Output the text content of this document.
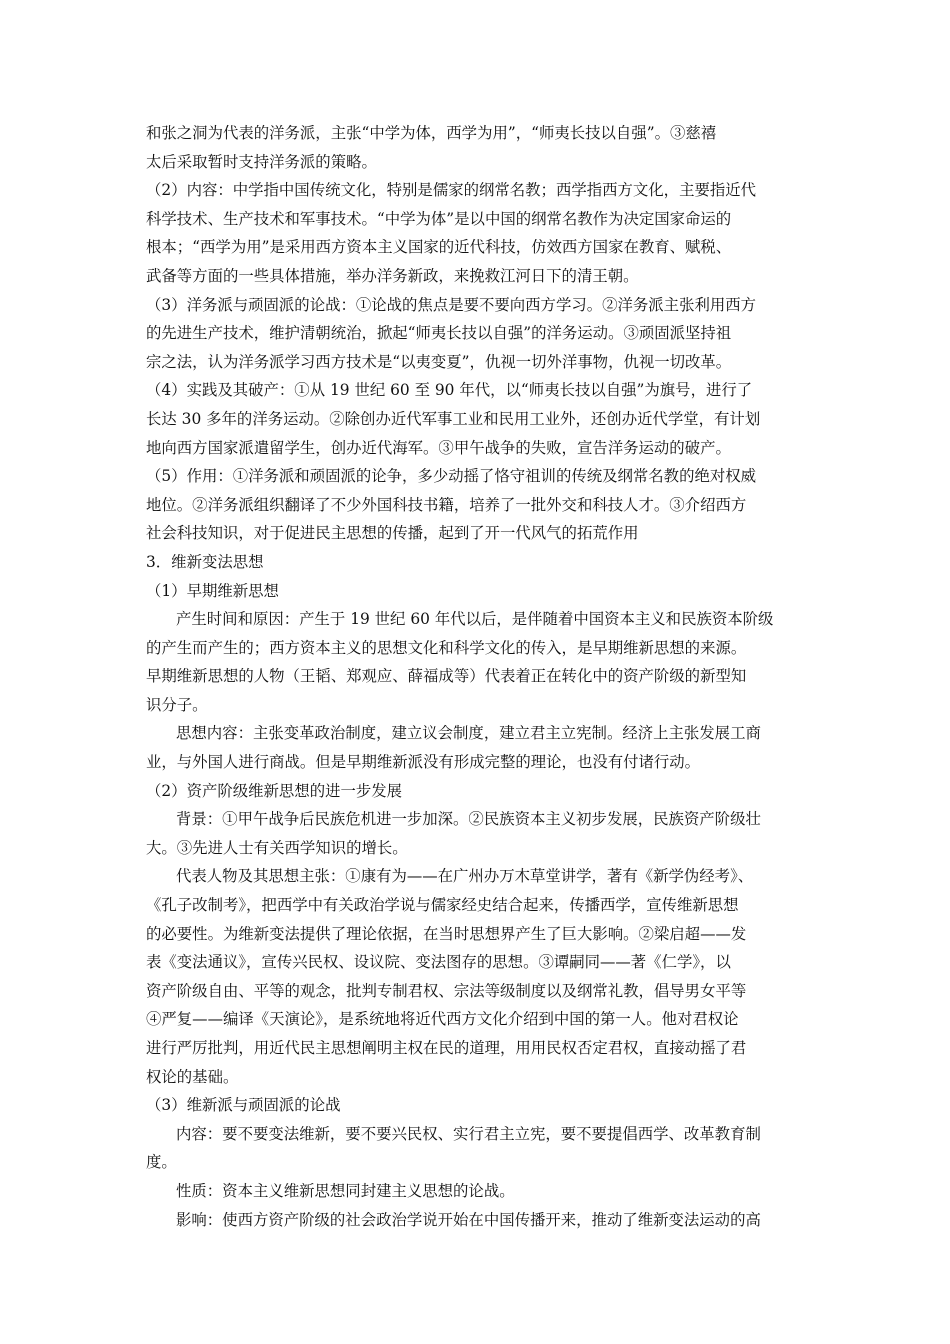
和张之洞为代表的洋务派，主张“中学为体，西学为用”，“师夷长技以自强”。③慈禧
太后采取暂时支持洋务派的策略。
（2）内容：中学指中国传统文化，特别是儒家的纲常名教；西学指西方文化，主要指近代
科学技术、生产技术和军事技术。“中学为体”是以中国的纲常名教作为决定国家命运的
根本；“西学为用”是采用西方资本主义国家的近代科技，仿效西方国家在教育、赋税、
武备等方面的一些具体措施，举办洋务新政，来挽救江河日下的清王朝。
（3）洋务派与顽固派的论战：①论战的焦点是要不要向西方学习。②洋务派主张利用西方
的先进生产技术，维护清朝统治，掀起“师夷长技以自强”的洋务运动。③顽固派坚持祖
宗之法，认为洋务派学习西方技术是“以夷变夏”，仇视一切外洋事物，仇视一切改革。
（4）实践及其破产：①从 19 世纪 60 至 90 年代，以“师夷长技以自强”为旗号，进行了
长达 30 多年的洋务运动。②除创办近代军事工业和民用工业外，还创办近代学堂，有计划
地向西方国家派遣留学生，创办近代海军。③甲午战争的失败，宣告洋务运动的破产。
（5）作用：①洋务派和顽固派的论争，多少动摇了恪守祖训的传统及纲常名教的绝对权威
地位。②洋务派组织翻译了不少外国科技书籍，培养了一批外交和科技人才。③介绍西方
社会科技知识，对于促进民主思想的传播，起到了开一代风气的拓荒作用
3．维新变法思想
（1）早期维新思想
产生时间和原因：产生于 19 世纪 60 年代以后，是伴随着中国资本主义和民族资本阶级
的产生而产生的；西方资本主义的思想文化和科学文化的传入，是早期维新思想的来源。
早期维新思想的人物（王韬、郑观应、薛福成等）代表着正在转化中的资产阶级的新型知
识分子。
思想内容：主张变革政治制度，建立议会制度，建立君主立宪制。经济上主张发展工商
业，与外国人进行商战。但是早期维新派没有形成完整的理论，也没有付诸行动。
（2）资产阶级维新思想的进一步发展
背景：①甲午战争后民族危机进一步加深。②民族资本主义初步发展，民族资产阶级壮
大。③先进人士有关西学知识的增长。
代表人物及其思想主张：①康有为——在广州办万木草堂讲学，著有《新学伪经考》、
《孔子改制考》，把西学中有关政治学说与儒家经史结合起来，传播西学，宣传维新思想
的必要性。为维新变法提供了理论依据，在当时思想界产生了巨大影响。②梁启超——发
表《变法通议》，宣传兴民权、设议院、变法图存的思想。③谭嗣同——著《仁学》，以
资产阶级自由、平等的观念，批判专制君权、宗法等级制度以及纲常礼教，倡导男女平等
④严复——编译《天演论》，是系统地将近代西方文化介绍到中国的第一人。他对君权论
进行严厉批判，用近代民主思想阐明主权在民的道理，用用民权否定君权，直接动摇了君
权论的基础。
（3）维新派与顽固派的论战
内容：要不要变法维新，要不要兴民权、实行君主立宪，要不要提倡西学、改革教育制
度。
性质：资本主义维新思想同封建主义思想的论战。
影响：使西方资产阶级的社会政治学说开始在中国传播开来，推动了维新变法运动的高
